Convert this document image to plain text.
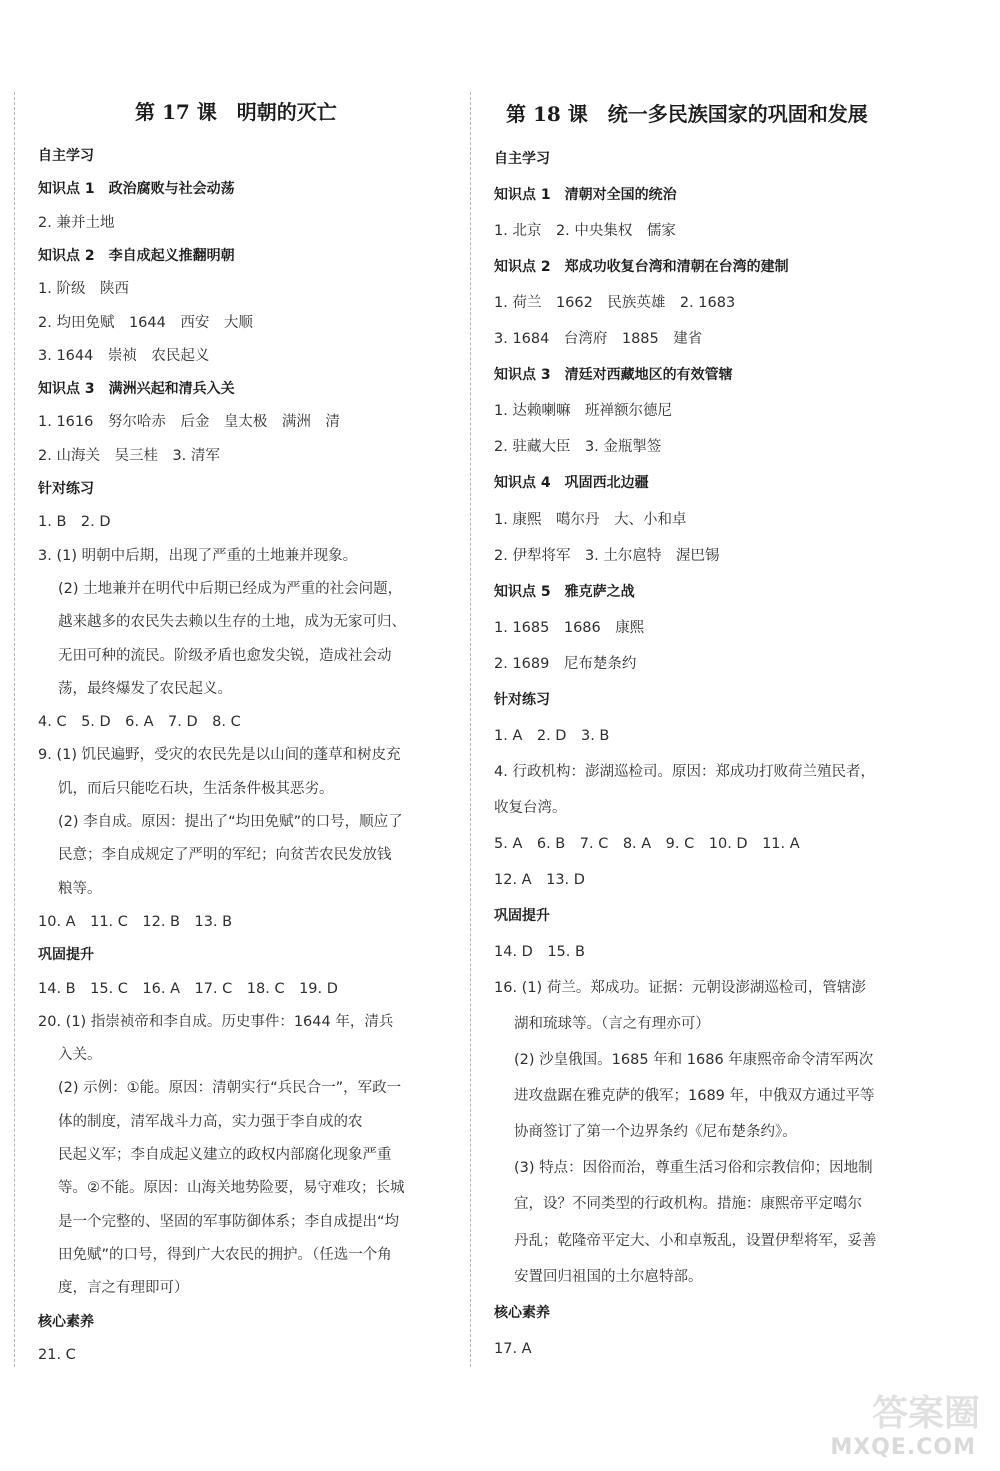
第 17 课　明朝的灭亡
自主学习
知识点 1　政治腐败与社会动荡
2. 兼并土地
知识点 2　李自成起义推翻明朝
1. 阶级　陕西
2. 均田免赋　1644　西安　大顺
3. 1644　崇祯　农民起义
知识点 3　满洲兴起和清兵入关
1. 1616　努尔哈赤　后金　皇太极　满洲　清
2. 山海关　吴三桂　3. 清军
针对练习
1. B　2. D
3. (1) 明朝中后期，出现了严重的土地兼并现象。
(2) 土地兼并在明代中后期已经成为严重的社会问题，
越来越多的农民失去赖以生存的土地，成为无家可归、
无田可种的流民。阶级矛盾也愈发尖锐，造成社会动
荡，最终爆发了农民起义。
4. C　5. D　6. A　7. D　8. C
9. (1) 饥民遍野，受灾的农民先是以山间的蓬草和树皮充
饥，而后只能吃石块，生活条件极其恶劣。
(2) 李自成。原因：提出了“均田免赋”的口号，顺应了
民意；李自成规定了严明的军纪；向贫苦农民发放钱
粮等。
10. A　11. C　12. B　13. B
巩固提升
14. B　15. C　16. A　17. C　18. C　19. D
20. (1) 指崇祯帝和李自成。历史事件：1644 年，清兵
入关。
(2) 示例：①能。原因：清朝实行“兵民合一”，军政一
体的制度，清军战斗力高，实力强于李自成的农
民起义军；李自成起义建立的政权内部腐化现象严重
等。②不能。原因：山海关地势险要，易守难攻；长城
是一个完整的、坚固的军事防御体系；李自成提出“均
田免赋”的口号，得到广大农民的拥护。（任选一个角
度，言之有理即可）
核心素养
21. C
第 18 课　统一多民族国家的巩固和发展
自主学习
知识点 1　清朝对全国的统治
1. 北京　2. 中央集权　儒家
知识点 2　郑成功收复台湾和清朝在台湾的建制
1. 荷兰　1662　民族英雄　2. 1683
3. 1684　台湾府　1885　建省
知识点 3　清廷对西藏地区的有效管辖
1. 达赖喇嘛　班禅额尔德尼
2. 驻藏大臣　3. 金瓶掣签
知识点 4　巩固西北边疆
1. 康熙　噶尔丹　大、小和卓
2. 伊犁将军　3. 土尔扈特　渥巴锡
知识点 5　雅克萨之战
1. 1685　1686　康熙
2. 1689　尼布楚条约
针对练习
1. A　2. D　3. B
4. 行政机构：澎湖巡检司。原因：郑成功打败荷兰殖民者，
收复台湾。
5. A　6. B　7. C　8. A　9. C　10. D　11. A
12. A　13. D
巩固提升
14. D　15. B
16. (1) 荷兰。郑成功。证据：元朝设澎湖巡检司，管辖澎
湖和琉球等。（言之有理亦可）
(2) 沙皇俄国。1685 年和 1686 年康熙帝命令清军两次
进攻盘踞在雅克萨的俄军；1689 年，中俄双方通过平等
协商签订了第一个边界条约《尼布楚条约》。
(3) 特点：因俗而治，尊重生活习俗和宗教信仰；因地制
宜，设？不同类型的行政机构。措施：康熙帝平定噶尔
丹乱；乾隆帝平定大、小和卓叛乱，设置伊犁将军，妥善
安置回归祖国的土尔扈特部。
核心素养
17. A
答案圈
MXQE.COM
